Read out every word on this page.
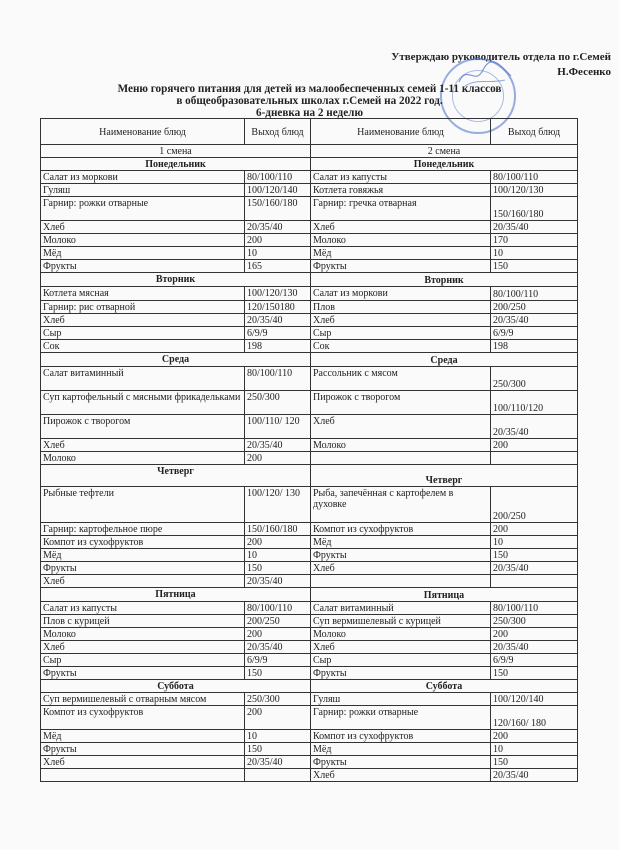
Утверждаю руководитель отдела по г.Семей
Н.Фесенко
Меню горячего питания для детей из малообеспеченных семей 1-11 классов
в общеобразовательных школах г.Семей на 2022 год.
6-дневка на 2 неделю
Наименование блюд	Выход блюд	Наименование блюд	Выход блюд
1 смена		2 смена	
Понедельник		Понедельник	
Салат из моркови	80/100/110	Салат из капусты	80/100/110
Гуляш	100/120/140	Котлета говяжья	100/120/130
Гарнир: рожки отварные	150/160/180	Гарнир: гречка отварная	150/160/180
Хлеб	20/35/40	Хлеб	20/35/40
Молоко	200	Молоко	170
Мёд	10	Мёд	10
Фрукты	165	Фрукты	150
Вторник		Вторник	
Котлета мясная	100/120/130	Салат из моркови	80/100/110
Гарнир: рис отварной	120/150180	Плов	200/250
Хлеб	20/35/40	Хлеб	20/35/40
Сыр	6/9/9	Сыр	6/9/9
Сок	198	Сок	198
Среда		Среда	
Салат витаминный	80/100/110	Рассольник с мясом	250/300
Суп картофельный с мясными фрикадельками	250/300	Пирожок с творогом	100/110/120
Пирожок с творогом	100/110/ 120	Хлеб	20/35/40
Хлеб	20/35/40	Молоко	200
Молоко	200		
Четверг		Четверг	
Рыбные тефтели	100/120/ 130	Рыба, запечённая с картофелем в духовке	200/250
Гарнир: картофельное пюре	150/160/180	Компот из сухофруктов	200
Компот из сухофруктов	200	Мёд	10
Мёд	10	Фрукты	150
Фрукты	150	Хлеб	20/35/40
Хлеб	20/35/40		
Пятница		Пятница	
Салат из капусты	80/100/110	Салат витаминный	80/100/110
Плов с курицей	200/250	Суп вермишелевый с курицей	250/300
Молоко	200	Молоко	200
Хлеб	20/35/40	Хлеб	20/35/40
Сыр	6/9/9	Сыр	6/9/9
Фрукты	150	Фрукты	150
Суббота		Суббота	
Суп вермишелевый с отварным мясом	250/300	Гуляш	100/120/140
Компот из сухофруктов	200	Гарнир: рожки отварные	120/160/ 180
Мёд	10	Компот из сухофруктов	200
Фрукты	150	Мёд	10
Хлеб	20/35/40	Фрукты	150
		Хлеб	20/35/40
